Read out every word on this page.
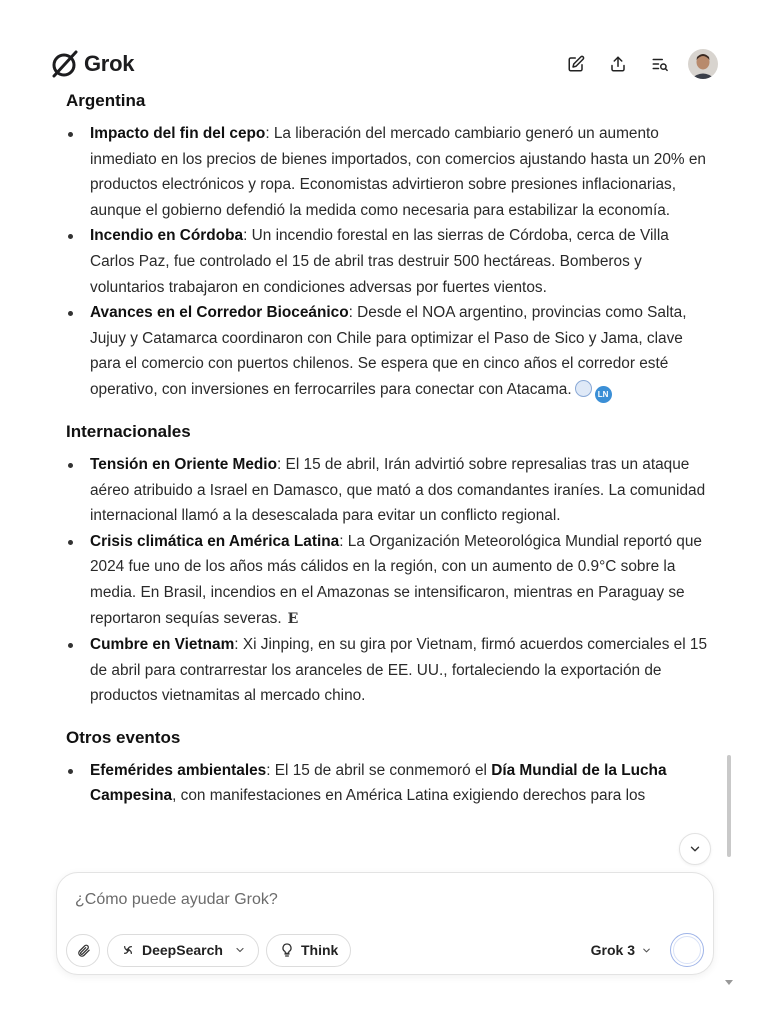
Grok
Argentina
Impacto del fin del cepo: La liberación del mercado cambiario generó un aumento inmediato en los precios de bienes importados, con comercios ajustando hasta un 20% en productos electrónicos y ropa. Economistas advirtieron sobre presiones inflacionarias, aunque el gobierno defendió la medida como necesaria para estabilizar la economía.
Incendio en Córdoba: Un incendio forestal en las sierras de Córdoba, cerca de Villa Carlos Paz, fue controlado el 15 de abril tras destruir 500 hectáreas. Bomberos y voluntarios trabajaron en condiciones adversas por fuertes vientos.
Avances en el Corredor Bioceánico: Desde el NOA argentino, provincias como Salta, Jujuy y Catamarca coordinaron con Chile para optimizar el Paso de Sico y Jama, clave para el comercio con puertos chilenos. Se espera que en cinco años el corredor esté operativo, con inversiones en ferrocarriles para conectar con Atacama.	LN
Internacionales
Tensión en Oriente Medio: El 15 de abril, Irán advirtió sobre represalias tras un ataque aéreo atribuido a Israel en Damasco, que mató a dos comandantes iraníes. La comunidad internacional llamó a la desescalada para evitar un conflicto regional.
Crisis climática en América Latina: La Organización Meteorológica Mundial reportó que 2024 fue uno de los años más cálidos en la región, con un aumento de 0.9°C sobre la media. En Brasil, incendios en el Amazonas se intensificaron, mientras en Paraguay se reportaron sequías severas. E
Cumbre en Vietnam: Xi Jinping, en su gira por Vietnam, firmó acuerdos comerciales el 15 de abril para contrarrestar los aranceles de EE. UU., fortaleciendo la exportación de productos vietnamitas al mercado chino.
Otros eventos
Efemérides ambientales: El 15 de abril se conmemoró el Día Mundial de la Lucha Campesina, con manifestaciones en América Latina exigiendo derechos para los
¿Cómo puede ayudar Grok?
DeepSearch	Think	Grok 3
